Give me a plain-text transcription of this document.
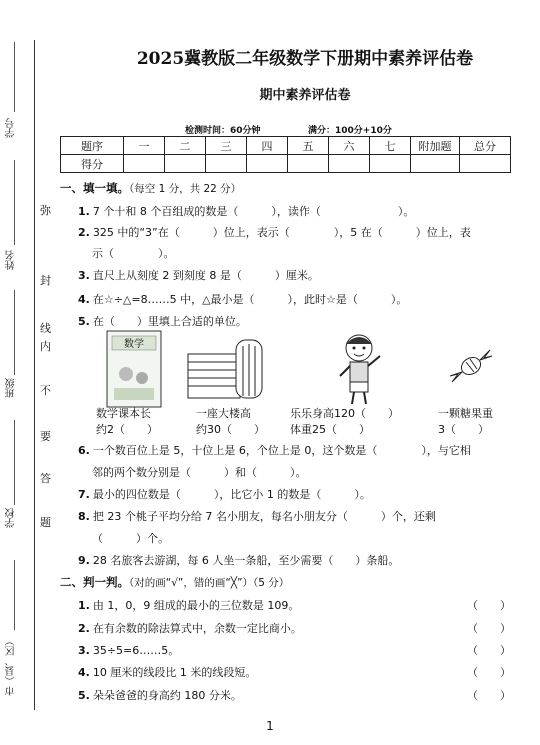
学号
姓名
班级
学校
市（县、区）
弥
封
线
内
不
要
答
题
2025冀教版二年级数学下册期中素养评估卷
期中素养评估卷
检测时间：60分钟	满分：100分+10分
题序	一	二	三	四	五	六	七	附加题	总分
得分									
一、填一填。（每空 1 分，共 22 分）
1. 7 个十和 8 个百组成的数是（　　　），读作（　　　　　　　）。
2. 325 中的“3”在（　　　）位上，表示（　　　　），5 在（　　　）位上，表
示（　　　　）。
3. 直尺上从刻度 2 到刻度 8 是（　　　）厘米。
4. 在☆÷△=8……5 中，△最小是（　　　），此时☆是（　　　）。
5. 在（　　）里填上合适的单位。
数学
数学课本长
约2（　　）
一座大楼高
约30（　　）
乐乐身高120（　　）
体重25（　　）
一颗糖果重
3（　　）
6. 一个数百位上是 5，十位上是 6，个位上是 0，这个数是（　　　　），与它相
邻的两个数分别是（　　　）和（　　　）。
7. 最小的四位数是（　　　），比它小 1 的数是（　　　）。
8. 把 23 个桃子平均分给 7 名小朋友，每名小朋友分（　　　）个，还剩
（　　　）个。
9. 28 名旅客去游湖，每 6 人坐一条船，至少需要（　　）条船。
二、判一判。（对的画“√”，错的画“╳”）（5 分）
1. 由 1，0，9 组成的最小的三位数是 109。	（　　）
2. 在有余数的除法算式中，余数一定比商小。	（　　）
3. 35÷5=6……5。	（　　）
4. 10 厘米的线段比 1 米的线段短。	（　　）
5. 朵朵爸爸的身高约 180 分米。	（　　）
1
